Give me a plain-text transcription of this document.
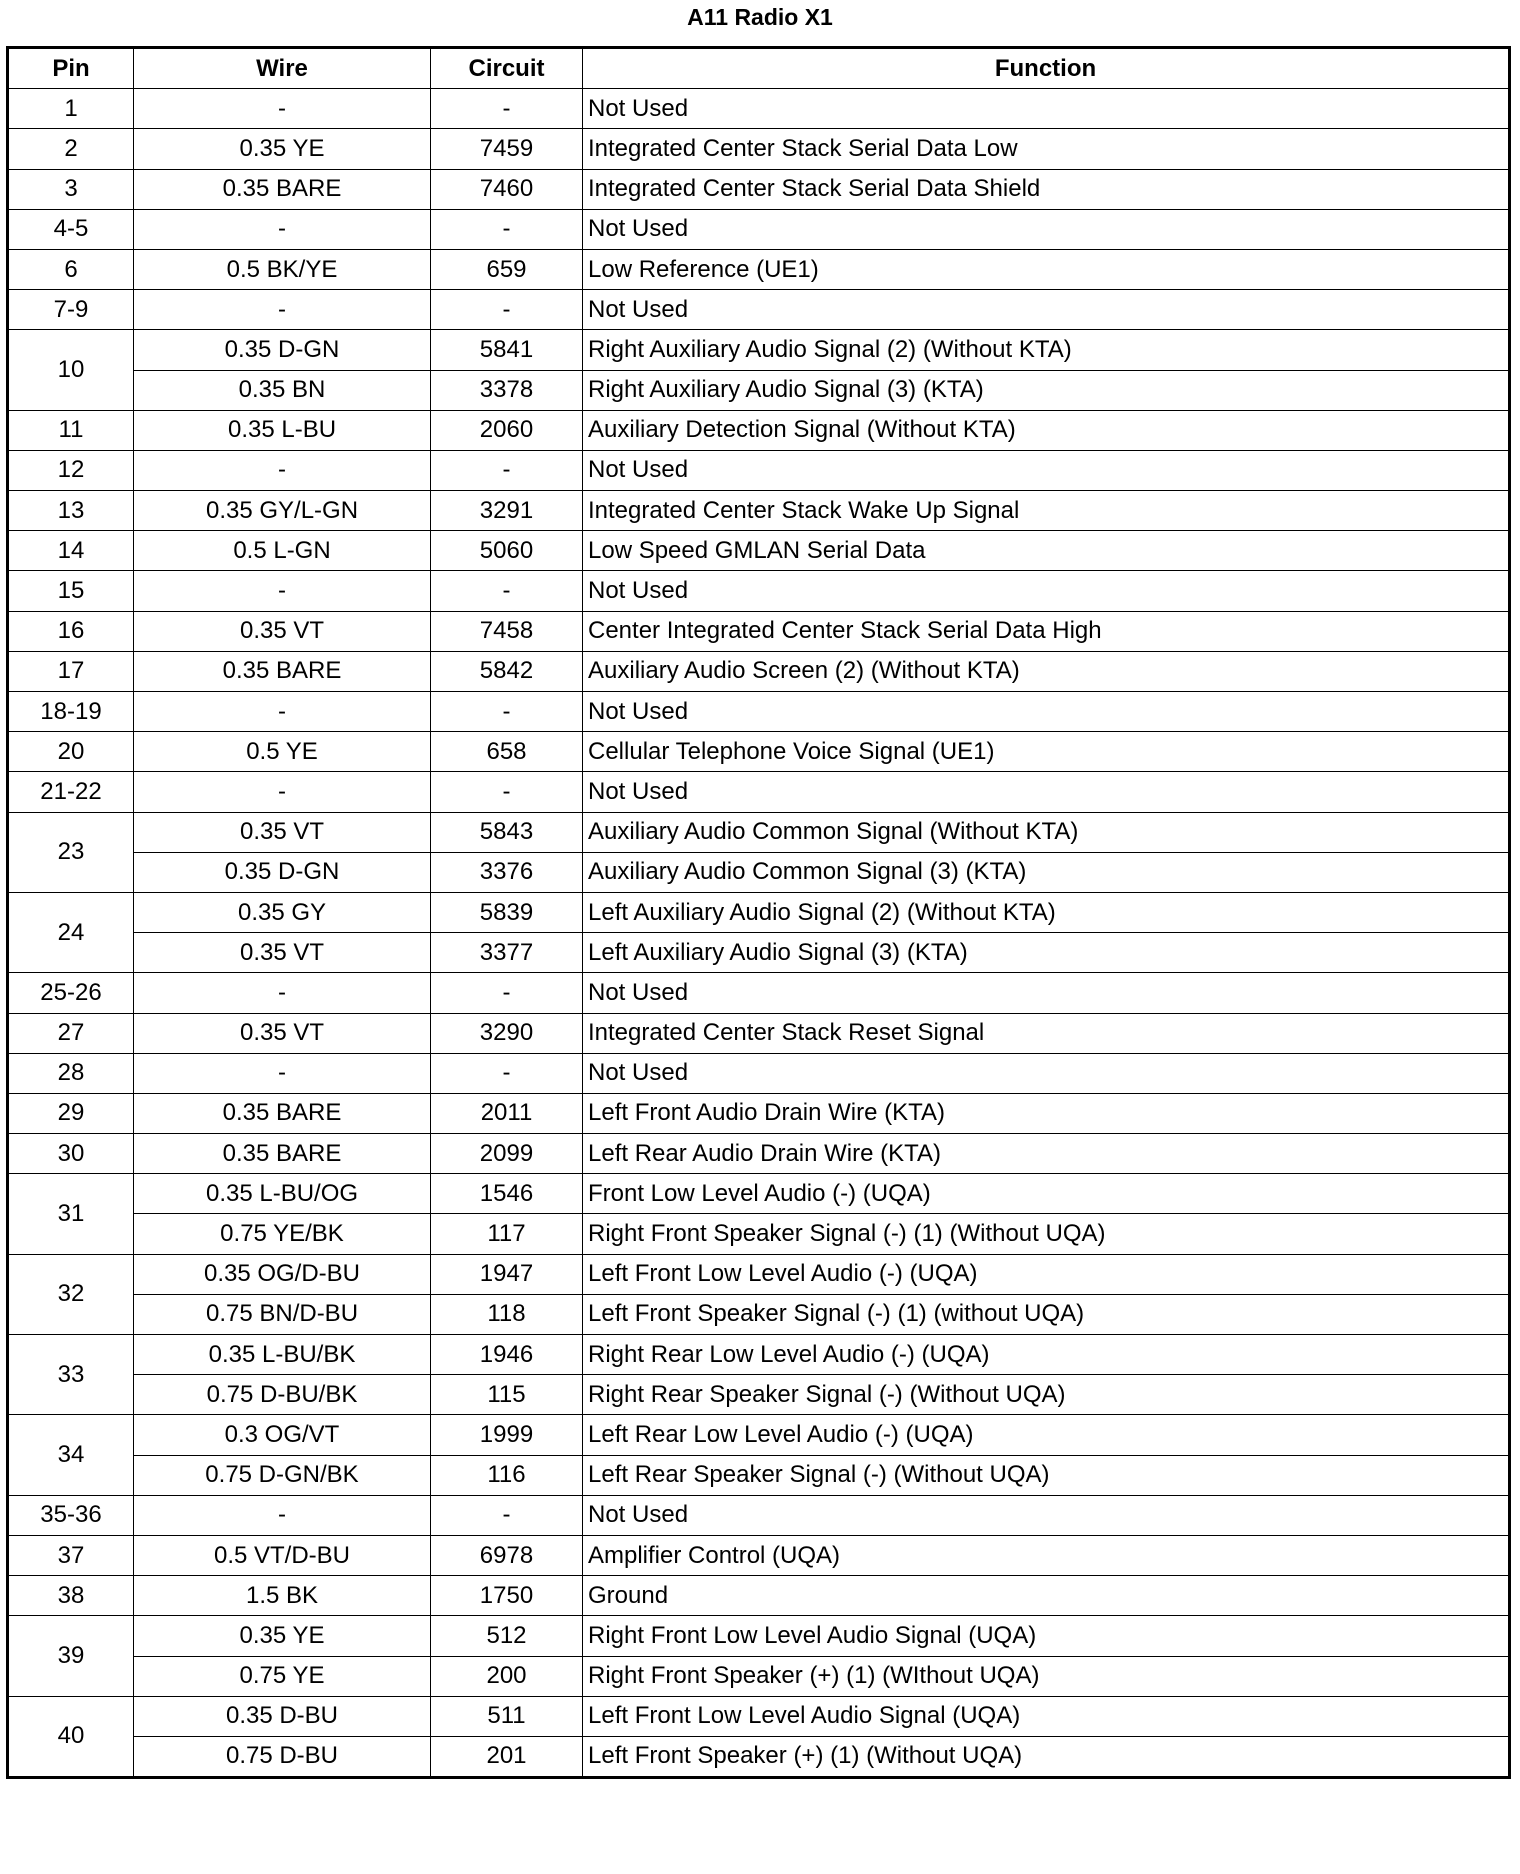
A11 Radio X1
Pin	Wire	Circuit	Function
1	-	-	Not Used
2	0.35 YE	7459	Integrated Center Stack Serial Data Low
3	0.35 BARE	7460	Integrated Center Stack Serial Data Shield
4-5	-	-	Not Used
6	0.5 BK/YE	659	Low Reference (UE1)
7-9	-	-	Not Used
10	0.35 D-GN	5841	Right Auxiliary Audio Signal (2) (Without KTA)
	0.35 BN	3378	Right Auxiliary Audio Signal (3) (KTA)
11	0.35 L-BU	2060	Auxiliary Detection Signal (Without KTA)
12	-	-	Not Used
13	0.35 GY/L-GN	3291	Integrated Center Stack Wake Up Signal
14	0.5 L-GN	5060	Low Speed GMLAN Serial Data
15	-	-	Not Used
16	0.35 VT	7458	Center Integrated Center Stack Serial Data High
17	0.35 BARE	5842	Auxiliary Audio Screen (2) (Without KTA)
18-19	-	-	Not Used
20	0.5 YE	658	Cellular Telephone Voice Signal (UE1)
21-22	-	-	Not Used
23	0.35 VT	5843	Auxiliary Audio Common Signal (Without KTA)
	0.35 D-GN	3376	Auxiliary Audio Common Signal (3) (KTA)
24	0.35 GY	5839	Left Auxiliary Audio Signal (2) (Without KTA)
	0.35 VT	3377	Left Auxiliary Audio Signal (3) (KTA)
25-26	-	-	Not Used
27	0.35 VT	3290	Integrated Center Stack Reset Signal
28	-	-	Not Used
29	0.35 BARE	2011	Left Front Audio Drain Wire (KTA)
30	0.35 BARE	2099	Left Rear Audio Drain Wire (KTA)
31	0.35 L-BU/OG	1546	Front Low Level Audio (-) (UQA)
	0.75 YE/BK	117	Right Front Speaker Signal (-) (1) (Without UQA)
32	0.35 OG/D-BU	1947	Left Front Low Level Audio (-) (UQA)
	0.75 BN/D-BU	118	Left Front Speaker Signal (-) (1) (without UQA)
33	0.35 L-BU/BK	1946	Right Rear Low Level Audio (-) (UQA)
	0.75 D-BU/BK	115	Right Rear Speaker Signal (-) (Without UQA)
34	0.3 OG/VT	1999	Left Rear Low Level Audio (-) (UQA)
	0.75 D-GN/BK	116	Left Rear Speaker Signal (-) (Without UQA)
35-36	-	-	Not Used
37	0.5 VT/D-BU	6978	Amplifier Control (UQA)
38	1.5 BK	1750	Ground
39	0.35 YE	512	Right Front Low Level Audio Signal (UQA)
	0.75 YE	200	Right Front Speaker (+) (1) (WIthout UQA)
40	0.35 D-BU	511	Left Front Low Level Audio Signal (UQA)
	0.75 D-BU	201	Left Front Speaker (+) (1) (Without UQA)
